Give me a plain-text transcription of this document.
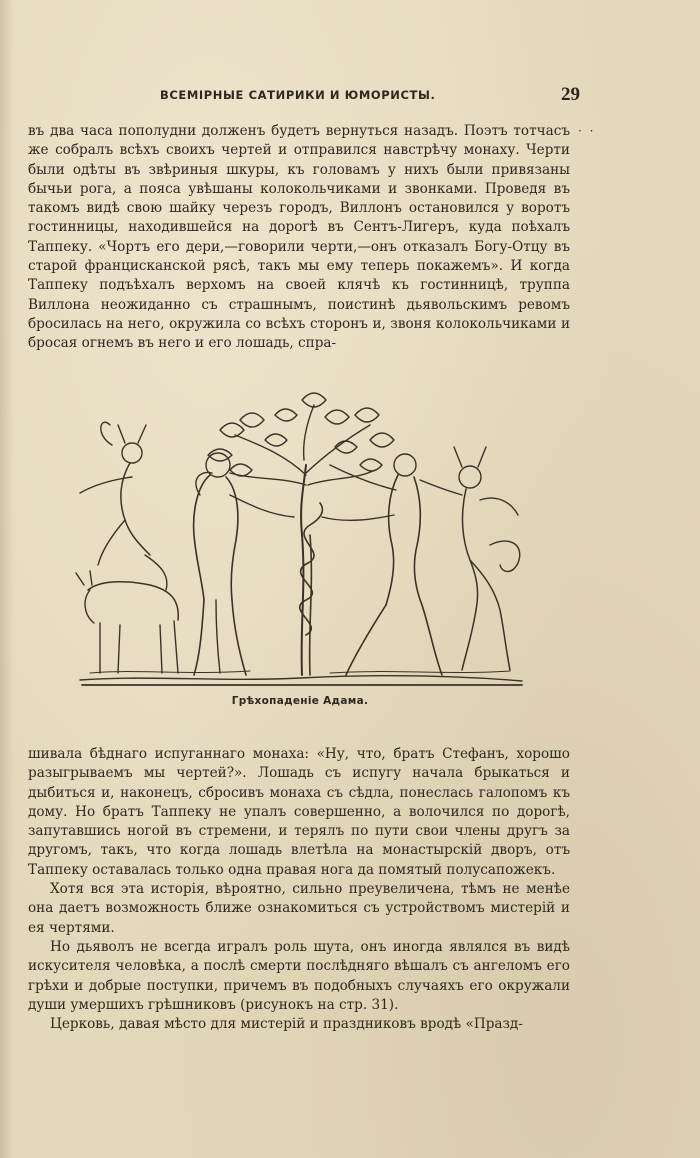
ВСЕМІРНЫЕ САТИРИКИ И ЮМОРИСТЫ.	29
· ·

въ два часа пополудни долженъ будетъ вернуться назадъ. Поэтъ тотчасъ же собралъ всѣхъ своихъ чертей и отправился навстрѣчу монаху. Черти были одѣты въ звѣриныя шкуры, къ головамъ у нихъ были привязаны бычьи рога, а пояса увѣшаны колокольчиками и звонками. Проведя въ такомъ видѣ свою шайку черезъ городъ, Виллонъ остановился у воротъ гостинницы, находившейся на дорогѣ въ Сентъ-Лигеръ, куда поѣхалъ Таппеку. «Чортъ его дери,—говорили черти,—онъ отказалъ Богу-Отцу въ старой францисканской рясѣ, такъ мы ему теперь покажемъ». И когда Таппеку подъѣхалъ верхомъ на своей клячѣ къ гостинницѣ, труппа Виллона неожиданно съ страшнымъ, поистинѣ дьявольскимъ ревомъ бросилась на него, окружила со всѣхъ сторонъ и, звоня колокольчиками и бросая огнемъ въ него и его лошадь, спра-

Грѣхопаденіе Адама.

шивала бѣднаго испуганнаго монаха: «Ну, что, братъ Стефанъ, хорошо разыгрываемъ мы чертей?». Лошадь съ испугу начала брыкаться и дыбиться и, наконецъ, сбросивъ монаха съ сѣдла, понеслась галопомъ къ дому. Но братъ Таппеку не упалъ совершенно, а волочился по дорогѣ, запутавшись ногой въ стремени, и терялъ по пути свои члены другъ за другомъ, такъ, что когда лошадь влетѣла на монастырскій дворъ, отъ Таппеку оставалась только одна правая нога да помятый полусапожекъ.

Хотя вся эта исторія, вѣроятно, сильно преувеличена, тѣмъ не менѣе она даетъ возможность ближе ознакомиться съ устройствомъ мистерій и ея чертями.

Но дьяволъ не всегда игралъ роль шута, онъ иногда являлся въ видѣ искусителя человѣка, а послѣ смерти послѣдняго вѣшалъ съ ангеломъ его грѣхи и добрые поступки, причемъ въ подобныхъ случаяхъ его окружали души умершихъ грѣшниковъ (рисунокъ на стр. 31).

Церковь, давая мѣсто для мистерій и праздниковъ вродѣ «Празд-
